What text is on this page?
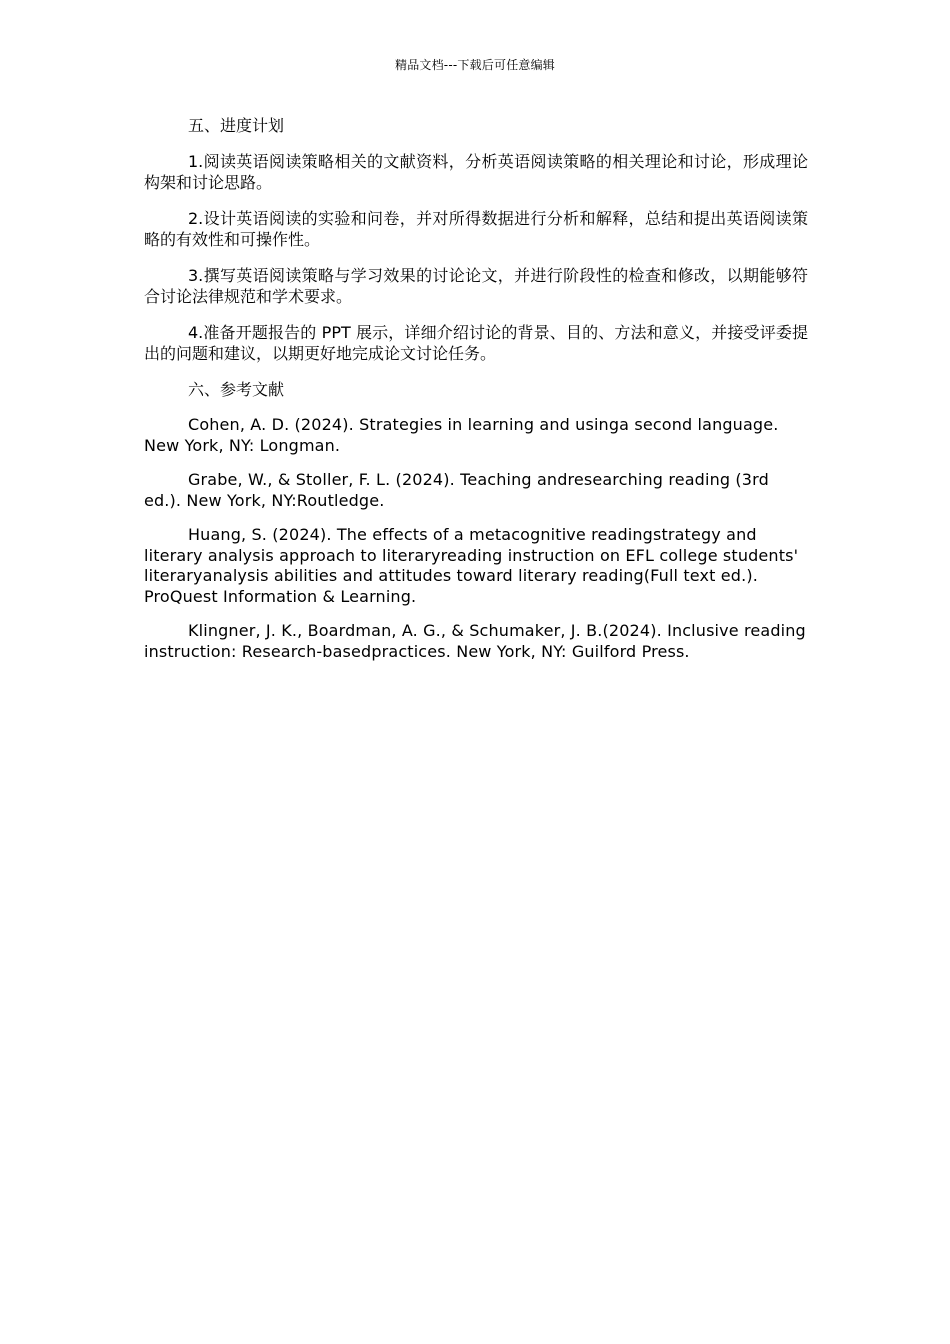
精品文档---下载后可任意编辑
五、进度计划
1.阅读英语阅读策略相关的文献资料，分析英语阅读策略的相关理论和讨论，形成理论构架和讨论思路。
2.设计英语阅读的实验和问卷，并对所得数据进行分析和解释，总结和提出英语阅读策略的有效性和可操作性。
3.撰写英语阅读策略与学习效果的讨论论文，并进行阶段性的检查和修改，以期能够符合讨论法律规范和学术要求。
4.准备开题报告的 PPT 展示，详细介绍讨论的背景、目的、方法和意义，并接受评委提出的问题和建议，以期更好地完成论文讨论任务。
六、参考文献
Cohen, A. D. (2024). Strategies in learning and usinga second language. New York, NY: Longman.
Grabe, W., & Stoller, F. L. (2024). Teaching andresearching reading (3rd ed.). New York, NY:Routledge.
Huang, S. (2024). The effects of a metacognitive readingstrategy and literary analysis approach to literaryreading instruction on EFL college students' literaryanalysis abilities and attitudes toward literary reading(Full text ed.). ProQuest Information & Learning.
Klingner, J. K., Boardman, A. G., & Schumaker, J. B.(2024). Inclusive reading instruction: Research-basedpractices. New York, NY: Guilford Press.
